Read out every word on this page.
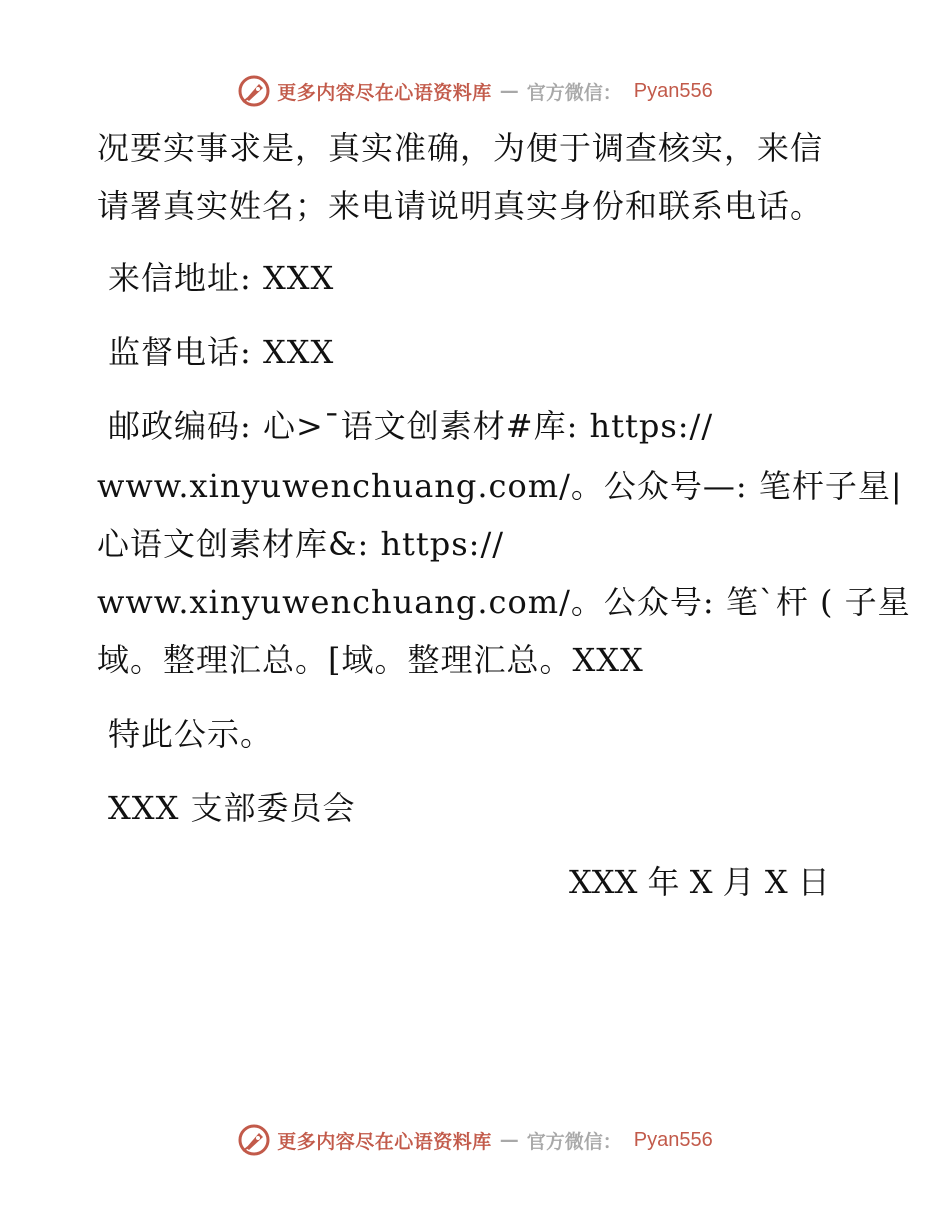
更多内容尽在心语资料库 — 官方微信： Pyan556
况要实事求是，真实准确，为便于调查核实，来信
请署真实姓名；来电请说明真实身份和联系电话。
来信地址: XXX
监督电话: XXX
邮政编码: 心>¯语文创素材#库: https://
www.xinyuwenchuang.com/。公众号—: 笔杆子星|
心语文创素材库&: https://
www.xinyuwenchuang.com/。公众号: 笔`杆 ( 子星
域。整理汇总。[域。整理汇总。XXX
特此公示。
XXX 支部委员会
XXX 年 X 月 X 日
更多内容尽在心语资料库 — 官方微信： Pyan556
